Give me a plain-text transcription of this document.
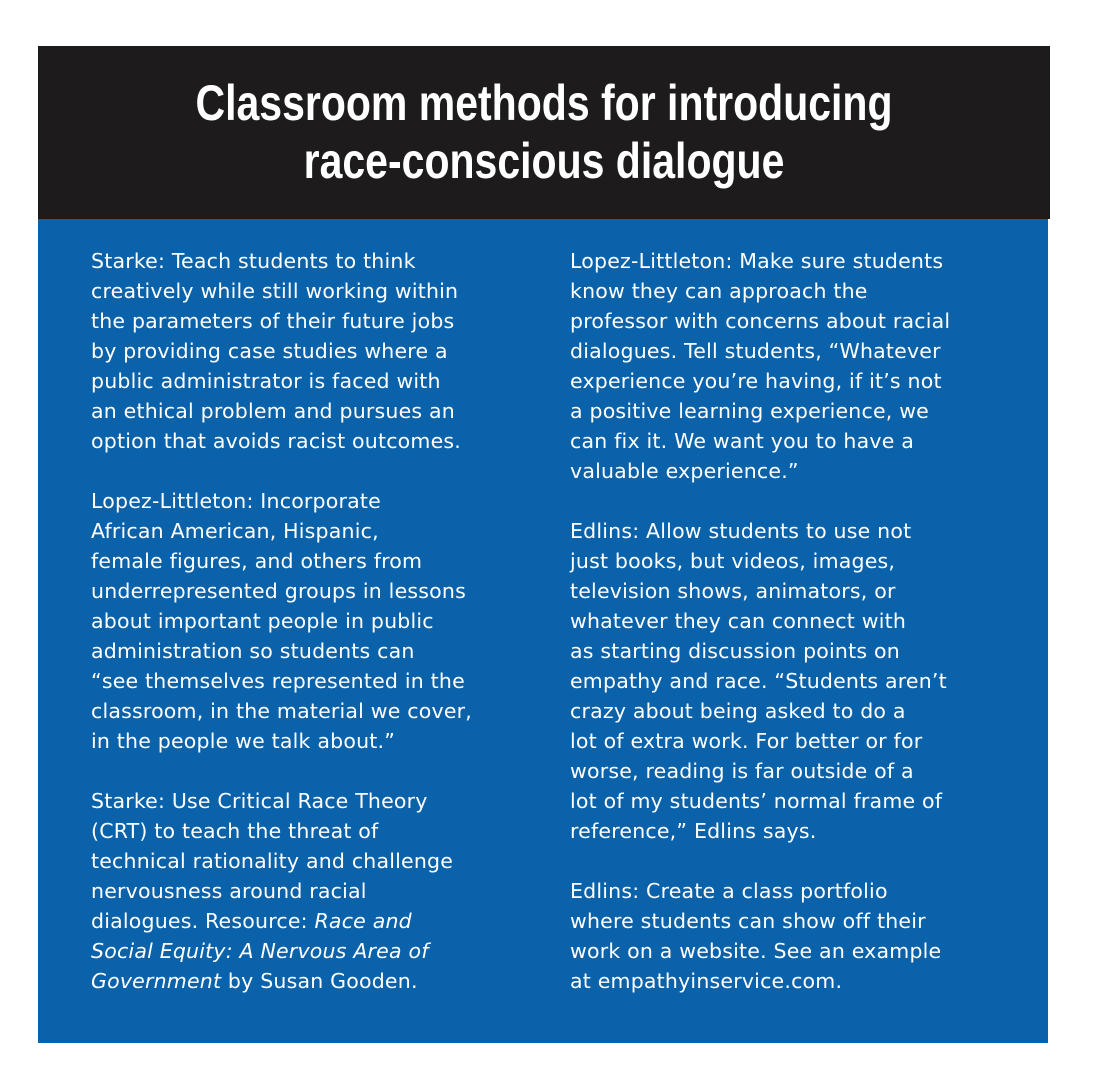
Classroom methods for introducing
race-conscious dialogue
Starke: Teach students to think
creatively while still working within
the parameters of their future jobs
by providing case studies where a
public administrator is faced with
an ethical problem and pursues an
option that avoids racist outcomes.
Lopez-Littleton: Incorporate
African American, Hispanic,
female figures, and others from
underrepresented groups in lessons
about important people in public
administration so students can
“see themselves represented in the
classroom, in the material we cover,
in the people we talk about.”
Starke: Use Critical Race Theory
(CRT) to teach the threat of
technical rationality and challenge
nervousness around racial
dialogues. Resource: Race and
Social Equity: A Nervous Area of
Government by Susan Gooden.
Lopez-Littleton: Make sure students
know they can approach the
professor with concerns about racial
dialogues. Tell students, “Whatever
experience you’re having, if it’s not
a positive learning experience, we
can fix it. We want you to have a
valuable experience.”
Edlins: Allow students to use not
just books, but videos, images,
television shows, animators, or
whatever they can connect with
as starting discussion points on
empathy and race. “Students aren’t
crazy about being asked to do a
lot of extra work. For better or for
worse, reading is far outside of a
lot of my students’ normal frame of
reference,” Edlins says.
Edlins: Create a class portfolio
where students can show off their
work on a website. See an example
at empathyinservice.com.
